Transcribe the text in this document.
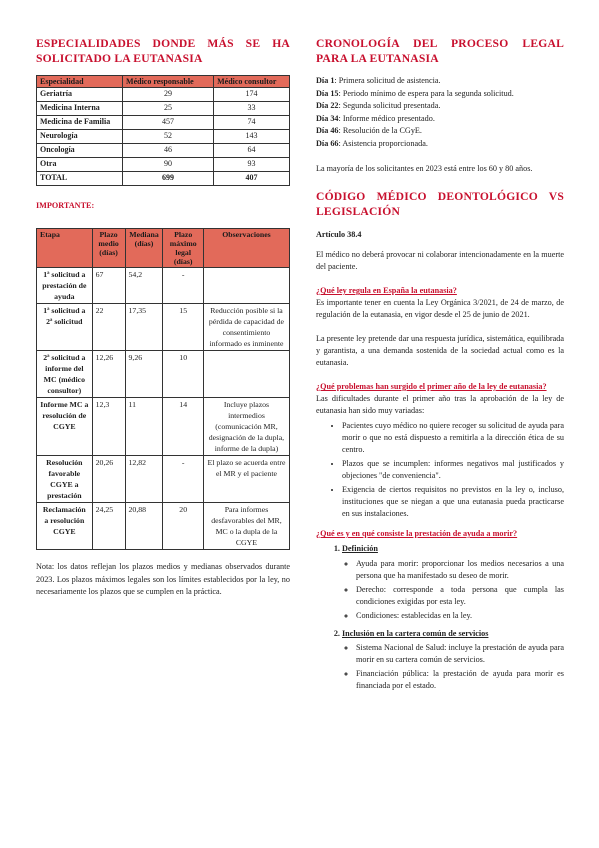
ESPECIALIDADES DONDE MÁS SE HA SOLICITADO LA EUTANASIA
Especialidad	Médico responsable	Médico consultor
Geriatría	29	174
Medicina Interna	25	33
Medicina de Familia	457	74
Neurología	52	143
Oncología	46	64
Otra	90	93
TOTAL	699	407

IMPORTANTE:

Etapa	Plazo medio (días)	Mediana (días)	Plazo máximo legal (días)	Observaciones
1ª solicitud a prestación de ayuda	67	54,2	-	
1ª solicitud a 2ª solicitud	22	17,35	15	Reducción posible si la pérdida de capacidad de consentimiento informado es inminente
2ª solicitud a informe del MC (médico consultor)	12,26	9,26	10	
Informe MC a resolución de CGYE	12,3	11	14	Incluye plazos intermedios (comunicación MR, designación de la dupla, informe de la dupla)
Resolución favorable CGYE a prestación	20,26	12,82	-	El plazo se acuerda entre el MR y el paciente
Reclamación a resolución CGYE	24,25	20,88	20	Para informes desfavorables del MR, MC o la dupla de la CGYE

Nota: los datos reflejan los plazos medios y medianas observados durante 2023. Los plazos máximos legales son los límites establecidos por la ley, no necesariamente los plazos que se cumplen en la práctica.

CRONOLOGÍA DEL PROCESO LEGAL PARA LA EUTANASIA
Día 1: Primera solicitud de asistencia.
Día 15: Periodo mínimo de espera para la segunda solicitud.
Día 22: Segunda solicitud presentada.
Día 34: Informe médico presentado.
Día 46: Resolución de la CGyE.
Día 66: Asistencia proporcionada.

La mayoría de los solicitantes en 2023 está entre los 60 y 80 años.

CÓDIGO MÉDICO DEONTOLÓGICO VS LEGISLACIÓN

Artículo 38.4

El médico no deberá provocar ni colaborar intencionadamente en la muerte del paciente.

¿Qué ley regula en España la eutanasia?

Es importante tener en cuenta la Ley Orgánica 3/2021, de 24 de marzo, de regulación de la eutanasia, en vigor desde el 25 de junio de 2021.

La presente ley pretende dar una respuesta jurídica, sistemática, equilibrada y garantista, a una demanda sostenida de la sociedad actual como es la eutanasia.

¿Qué problemas han surgido el primer año de la ley de eutanasia?

Las dificultades durante el primer año tras la aprobación de la ley de eutanasia han sido muy variadas:

• Pacientes cuyo médico no quiere recoger su solicitud de ayuda para morir o que no está dispuesto a remitirla a la dirección ética de su centro.
• Plazos que se incumplen: informes negativos mal justificados y objeciones "de conveniencia".
• Exigencia de ciertos requisitos no previstos en la ley o, incluso, instituciones que se niegan a que una eutanasia pueda practicarse en sus instalaciones.

¿Qué es y en qué consiste la prestación de ayuda a morir?

1. Definición
◦ Ayuda para morir: proporcionar los medios necesarios a una persona que ha manifestado su deseo de morir.
◦ Derecho: corresponde a toda persona que cumpla las condiciones exigidas por esta ley.
◦ Condiciones: establecidas en la ley.
2. Inclusión en la cartera común de servicios
◦ Sistema Nacional de Salud: incluye la prestación de ayuda para morir en su cartera común de servicios.
◦ Financiación pública: la prestación de ayuda para morir es financiada por el estado.
